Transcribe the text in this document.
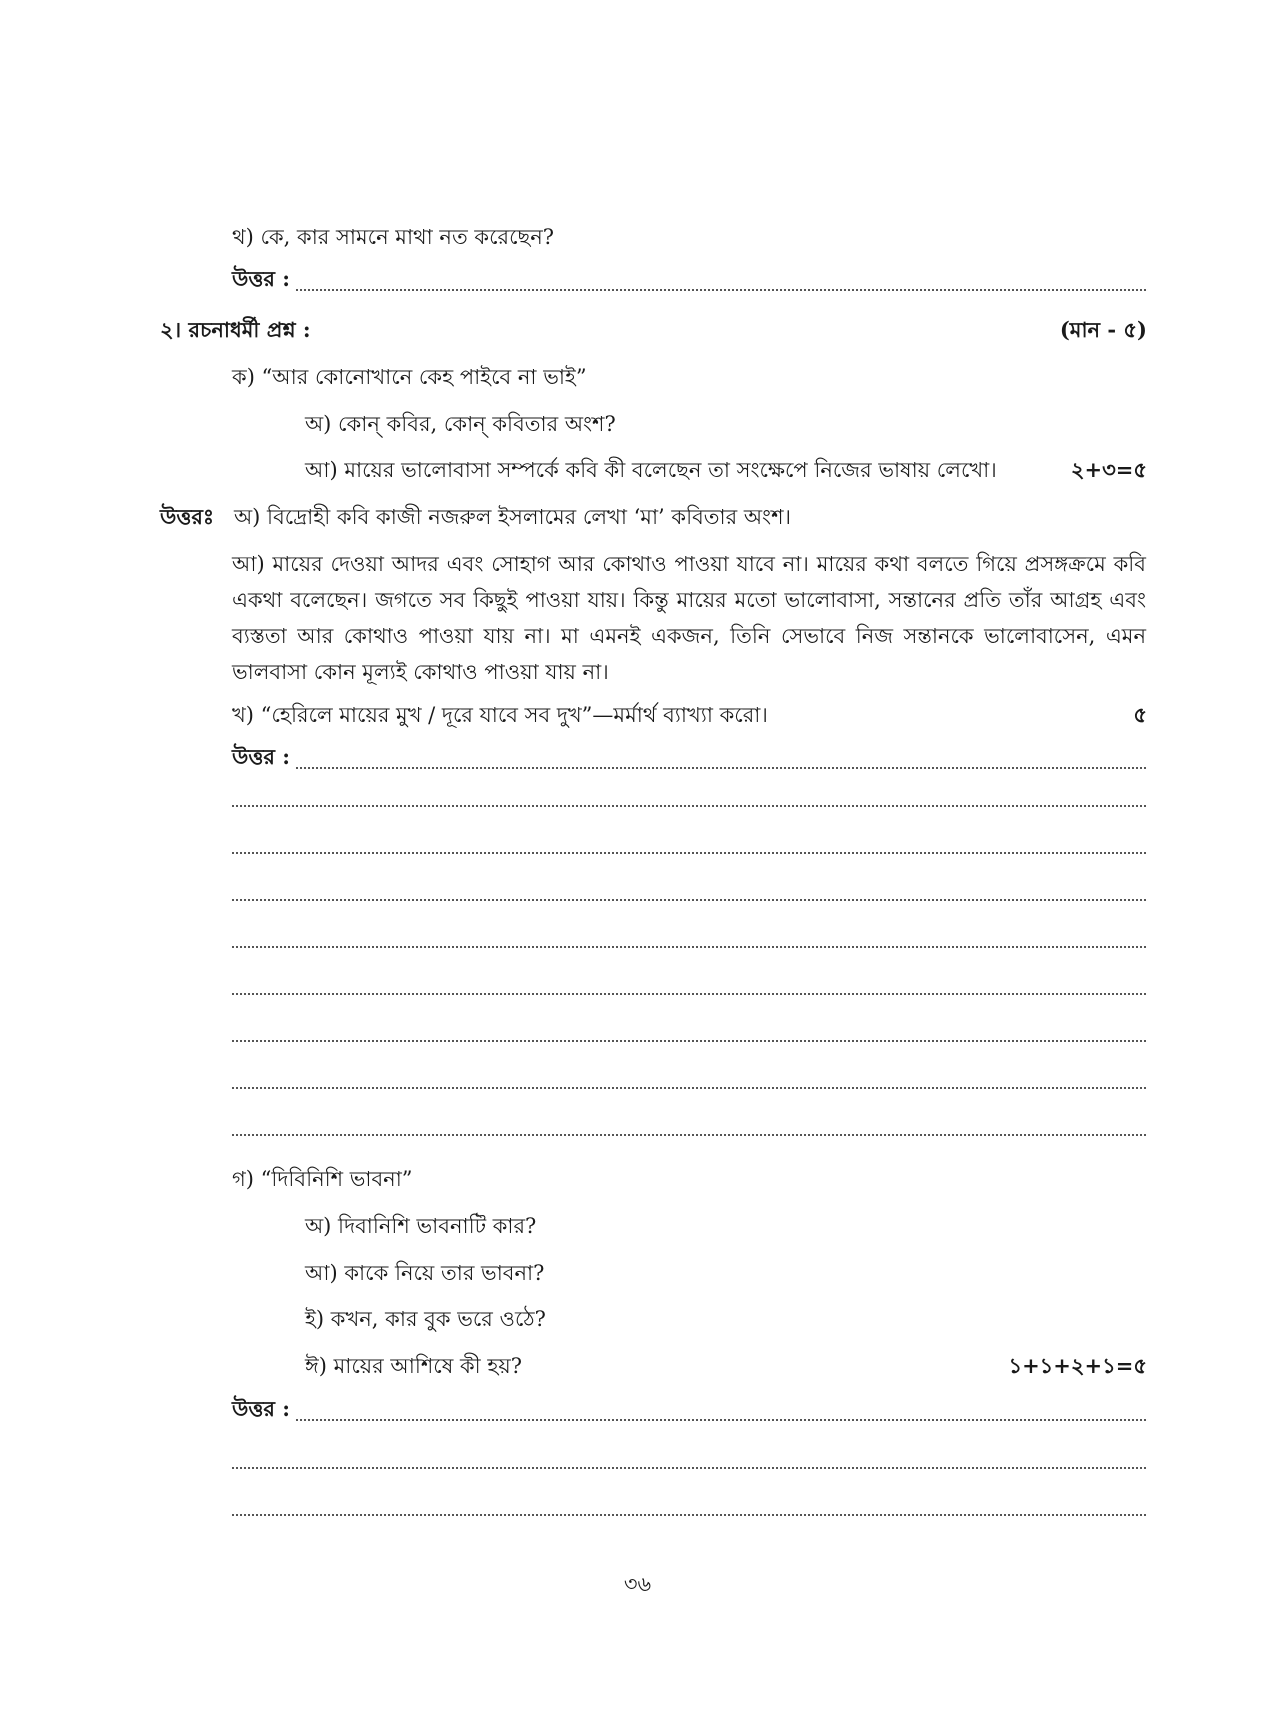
থ) কে, কার সামনে মাথা নত করেছেন?
উত্তর :
২। রচনাধর্মী প্রশ্ন :	(মান - ৫)
ক) “আর কোনোখানে কেহ পাইবে না ভাই”
অ) কোন্ কবির, কোন্ কবিতার অংশ?
আ) মায়ের ভালোবাসা সম্পর্কে কবি কী বলেছেন তা সংক্ষেপে নিজের ভাষায় লেখো।	২+৩=৫
উত্তরঃ অ) বিদ্রোহী কবি কাজী নজরুল ইসলামের লেখা ‘মা’ কবিতার অংশ।
আ) মায়ের দেওয়া আদর এবং সোহাগ আর কোথাও পাওয়া যাবে না। মায়ের কথা বলতে গিয়ে প্রসঙ্গক্রমে কবি একথা বলেছেন। জগতে সব কিছুই পাওয়া যায়। কিন্তু মায়ের মতো ভালোবাসা, সন্তানের প্রতি তাঁর আগ্রহ এবং ব্যস্ততা আর কোথাও পাওয়া যায় না। মা এমনই একজন, তিনি সেভাবে নিজ সন্তানকে ভালোবাসেন, এমন ভালবাসা কোন মূল্যই কোথাও পাওয়া যায় না।
খ) “হেরিলে মায়ের মুখ / দূরে যাবে সব দুখ”—মর্মার্থ ব্যাখ্যা করো।	৫
উত্তর :
গ) “দিবিনিশি ভাবনা”
অ) দিবানিশি ভাবনাটি কার?
আ) কাকে নিয়ে তার ভাবনা?
ই) কখন, কার বুক ভরে ওঠে?
ঈ) মায়ের আশিষে কী হয়?	১+১+২+১=৫
উত্তর :
৩৬
